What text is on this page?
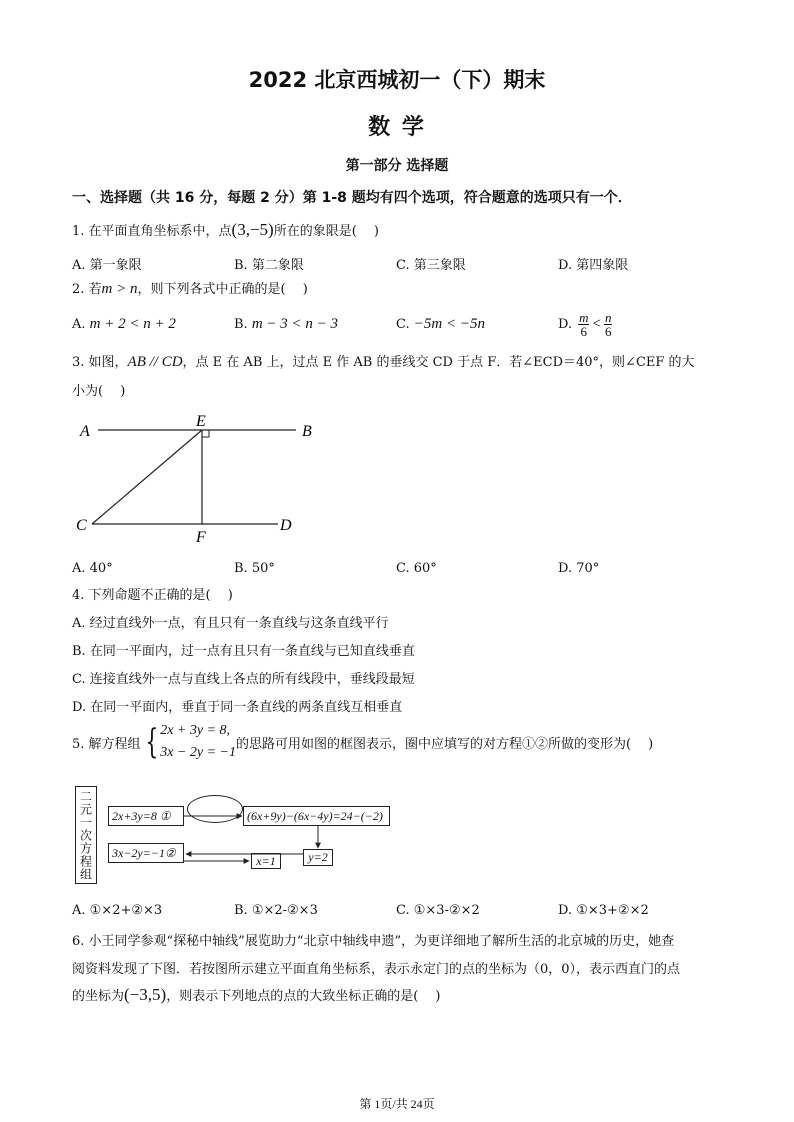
2022 北京西城初一（下）期末
数 学
第一部分 选择题
一、选择题（共 16 分，每题 2 分）第 1-8 题均有四个选项，符合题意的选项只有一个．
1. 在平面直角坐标系中，点(3,−5)所在的象限是(　 )
A. 第一象限	B. 第二象限	C. 第三象限	D. 第四象限
2. 若m > n，则下列各式中正确的是(　 )
A. m + 2 < n + 2	B. m − 3 < n − 3	C. −5m < −5n	D. $\frac{m}{6} < \frac{n}{6}$
3. 如图，AB // CD，点 E 在 AB 上，过点 E 作 AB 的垂线交 CD 于点 F．若∠ECD＝40°，则∠CEF 的大
小为(　 )
A	B
E
C	D
F
A. 40°	B. 50°	C. 60°	D. 70°
4. 下列命题不正确的是(　 )
A. 经过直线外一点，有且只有一条直线与这条直线平行
B. 在同一平面内，过一点有且只有一条直线与已知直线垂直
C. 连接直线外一点与直线上各点的所有线段中，垂线段最短
D. 在同一平面内，垂直于同一条直线的两条直线互相垂直
5. 解方程组 { 2x + 3y = 8,
3x − 2y = −1
的思路可用如图的框图表示，圈中应填写的对方程①②所做的变形为(　 )
二元一次方程组	2x+3y=8 ①
3x−2y=−1②
(6x+9y)−(6x−4y)=24−(−2)
y=2
x=1
A. ①×2+②×3	B. ①×2-②×3	C. ①×3-②×2	D. ①×3+②×2
6. 小王同学参观“探秘中轴线”展览助力“北京中轴线申遗”，为更详细地了解所生活的北京城的历史，她查
阅资料发现了下图．若按图所示建立平面直角坐标系，表示永定门的点的坐标为（0，0），表示西直门的点
的坐标为(−3,5)，则表示下列地点的点的大致坐标正确的是(　 )
第 1页/共 24页
